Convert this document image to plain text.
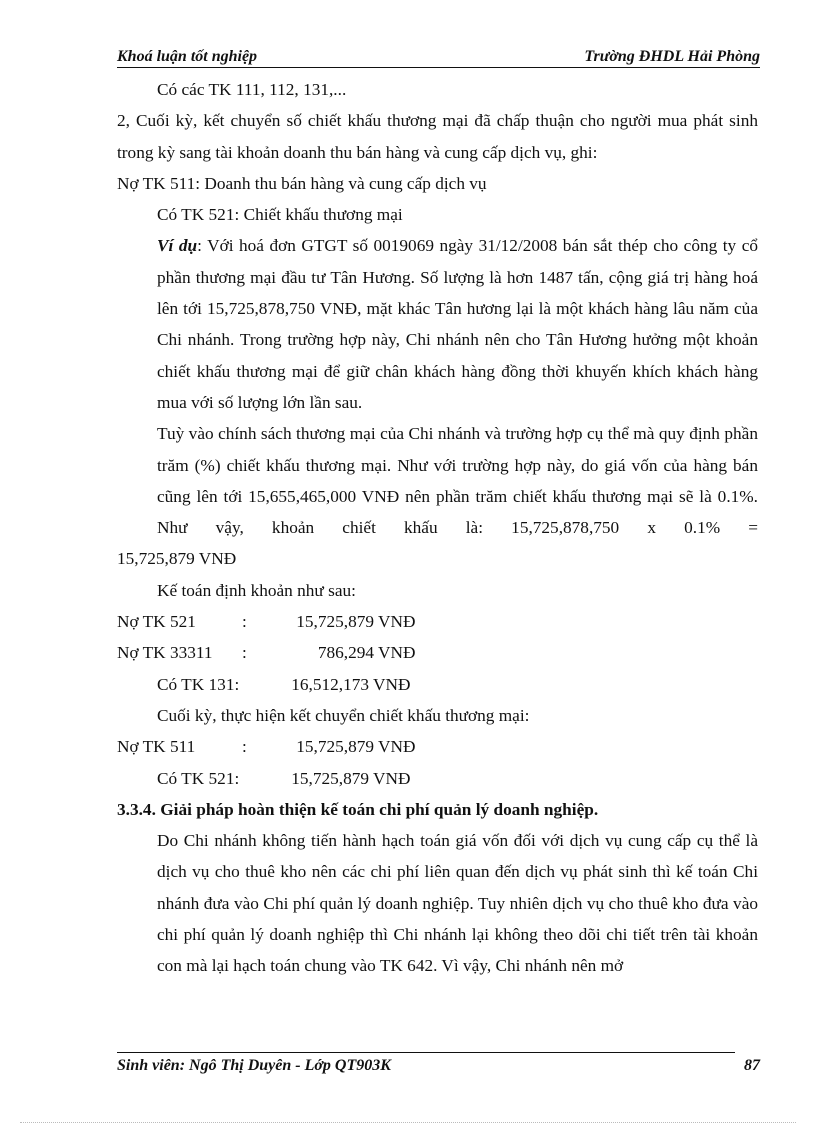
Khoá luận tốt nghiệp	Trường ĐHDL Hải Phòng

Có các TK 111, 112, 131,...

2, Cuối kỳ, kết chuyển số chiết khấu thương mại đã chấp thuận cho người mua phát sinh trong kỳ sang tài khoản doanh thu bán hàng và cung cấp dịch vụ, ghi:

Nợ TK 511: Doanh thu bán hàng và cung cấp dịch vụ

Có TK 521: Chiết khấu thương mại

Ví dụ: Với hoá đơn GTGT số 0019069 ngày 31/12/2008 bán sắt thép cho công ty cổ phần thương mại đầu tư Tân Hương. Số lượng là hơn 1487 tấn, cộng giá trị hàng hoá lên tới 15,725,878,750 VNĐ, mặt khác Tân hương lại là một khách hàng lâu năm của Chi nhánh. Trong trường hợp này, Chi nhánh nên cho Tân Hương hưởng một khoản chiết khấu thương mại để giữ chân khách hàng đồng thời khuyến khích khách hàng mua với số lượng lớn lần sau.

Tuỳ vào chính sách thương mại của Chi nhánh và trường hợp cụ thể mà quy định phần trăm (%) chiết khấu thương mại. Như với trường hợp này, do giá vốn của hàng bán cũng lên tới 15,655,465,000 VNĐ nên phần trăm chiết khấu thương mại sẽ là 0.1%. Như vậy, khoản chiết khấu là: 15,725,878,750 x 0.1% =

15,725,879 VNĐ

Kế toán định khoản như sau:

Nợ TK 521	:	15,725,879 VNĐ
Nợ TK 33311	:	786,294 VNĐ
Có TK 131:	16,512,173 VNĐ

Cuối kỳ, thực hiện kết chuyển chiết khấu thương mại:

Nợ TK 511	:	15,725,879 VNĐ
Có TK 521:	15,725,879 VNĐ

3.3.4. Giải pháp hoàn thiện kế toán chi phí quản lý doanh nghiệp.

Do Chi nhánh không tiến hành hạch toán giá vốn đối với dịch vụ cung cấp cụ thể là dịch vụ cho thuê kho nên các chi phí liên quan đến dịch vụ phát sinh thì kế toán Chi nhánh đưa vào Chi phí quản lý doanh nghiệp. Tuy nhiên dịch vụ cho thuê kho đưa vào chi phí quản lý doanh nghiệp thì Chi nhánh lại không theo dõi chi tiết trên tài khoản con mà lại hạch toán chung vào TK 642. Vì vậy, Chi nhánh nên mở

Sinh viên: Ngô Thị Duyên - Lớp QT903K	87
